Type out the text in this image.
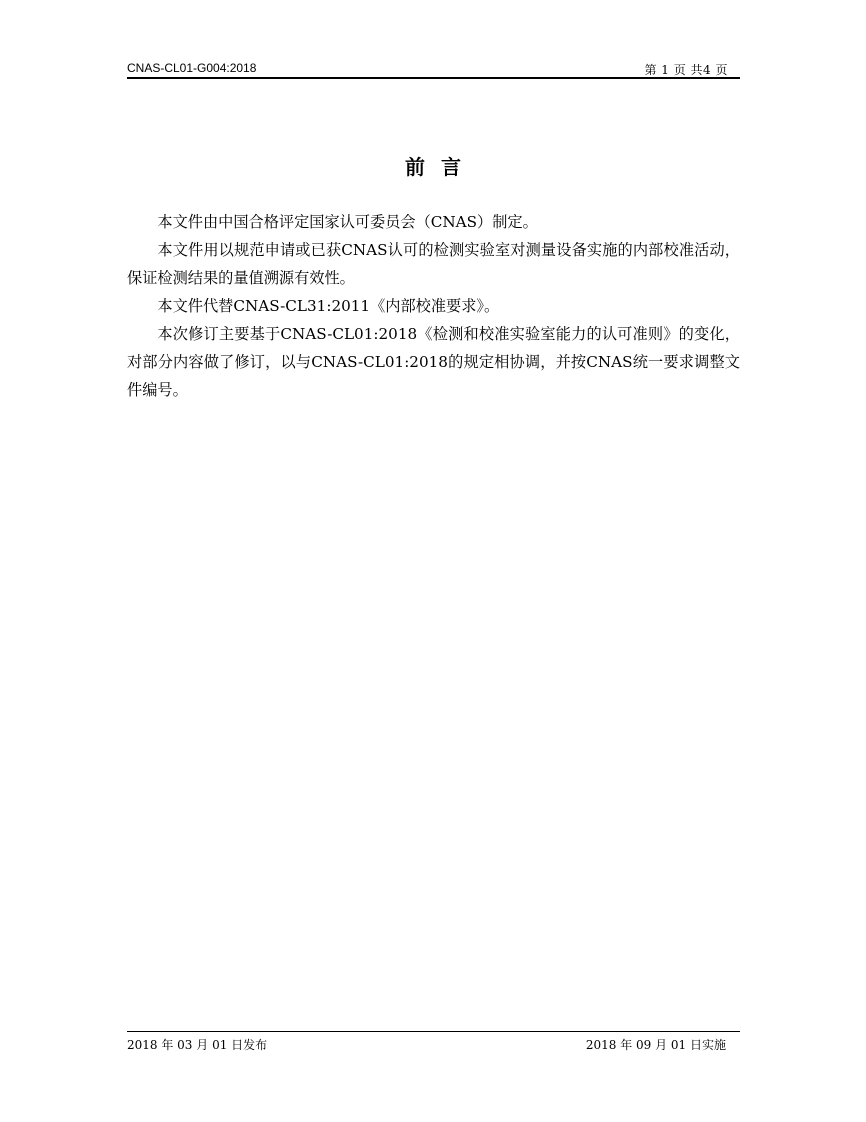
CNAS-CL01-G004:2018	第 1 页 共4 页
前言

本文件由中国合格评定国家认可委员会（CNAS）制定。

本文件用以规范申请或已获CNAS认可的检测实验室对测量设备实施的内部校准活动，保证检测结果的量值溯源有效性。

本文件代替CNAS-CL31:2011《内部校准要求》。

本次修订主要基于CNAS-CL01:2018《检测和校准实验室能力的认可准则》的变化，对部分内容做了修订，以与CNAS-CL01:2018的规定相协调，并按CNAS统一要求调整文件编号。

2018 年 03 月 01 日发布	2018 年 09 月 01 日实施
